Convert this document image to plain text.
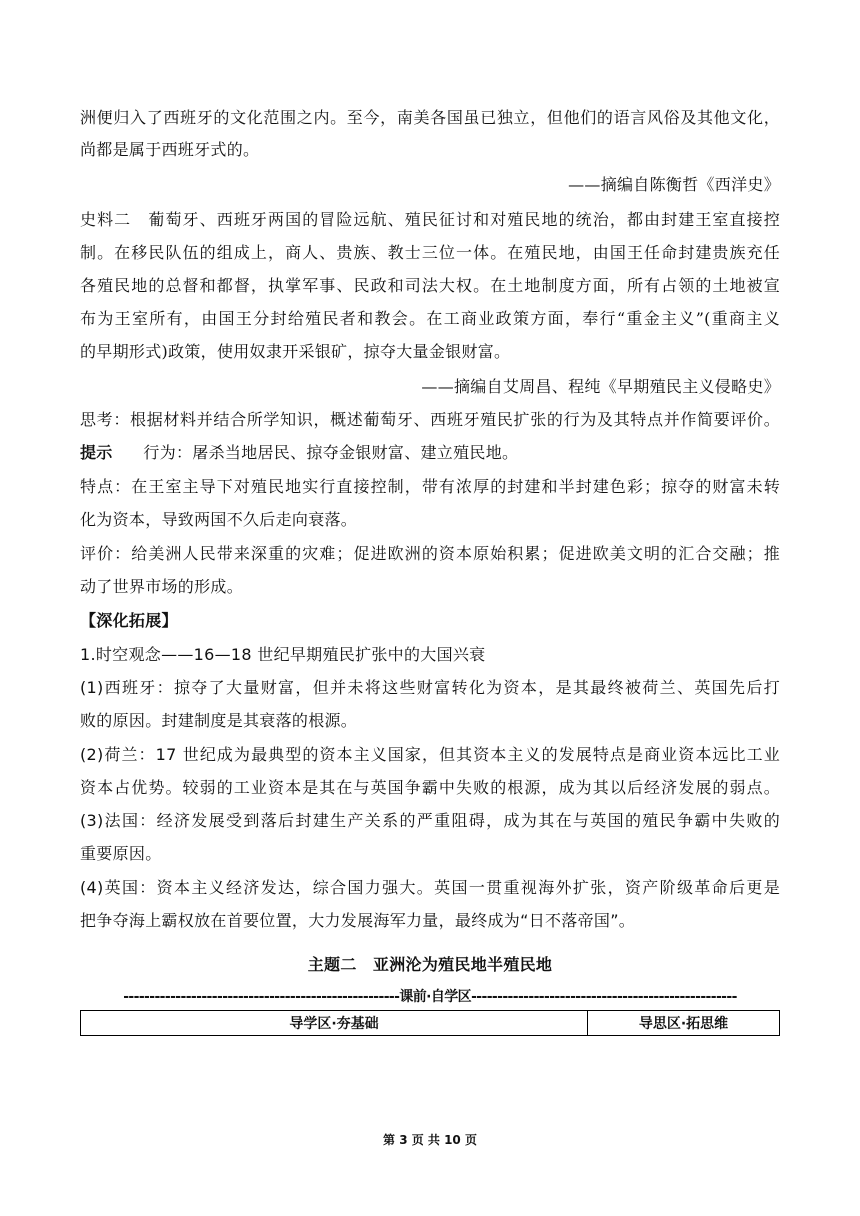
洲便归入了西班牙的文化范围之内。至今，南美各国虽已独立，但他们的语言风俗及其他文化，
尚都是属于西班牙式的。
——摘编自陈衡哲《西洋史》
史料二　葡萄牙、西班牙两国的冒险远航、殖民征讨和对殖民地的统治，都由封建王室直接控
制。在移民队伍的组成上，商人、贵族、教士三位一体。在殖民地，由国王任命封建贵族充任
各殖民地的总督和都督，执掌军事、民政和司法大权。在土地制度方面，所有占领的土地被宣
布为王室所有，由国王分封给殖民者和教会。在工商业政策方面，奉行“重金主义”(重商主义
的早期形式)政策，使用奴隶开采银矿，掠夺大量金银财富。
——摘编自艾周昌、程纯《早期殖民主义侵略史》
思考：根据材料并结合所学知识，概述葡萄牙、西班牙殖民扩张的行为及其特点并作简要评价。
提示 行为：屠杀当地居民、掠夺金银财富、建立殖民地。
特点：在王室主导下对殖民地实行直接控制，带有浓厚的封建和半封建色彩；掠夺的财富未转
化为资本，导致两国不久后走向衰落。
评价：给美洲人民带来深重的灾难；促进欧洲的资本原始积累；促进欧美文明的汇合交融；推
动了世界市场的形成。
【深化拓展】
1.时空观念——16—18 世纪早期殖民扩张中的大国兴衰
(1)西班牙：掠夺了大量财富，但并未将这些财富转化为资本，是其最终被荷兰、英国先后打
败的原因。封建制度是其衰落的根源。
(2)荷兰：17 世纪成为最典型的资本主义国家，但其资本主义的发展特点是商业资本远比工业
资本占优势。较弱的工业资本是其在与英国争霸中失败的根源，成为其以后经济发展的弱点。
(3)法国：经济发展受到落后封建生产关系的严重阻碍，成为其在与英国的殖民争霸中失败的
重要原因。
(4)英国：资本主义经济发达，综合国力强大。英国一贯重视海外扩张，资产阶级革命后更是
把争夺海上霸权放在首要位置，大力发展海军力量，最终成为“日不落帝国”。
主题二　亚洲沦为殖民地半殖民地
-----------------------------------------------------课前·自学区---------------------------------------------------
导学区·夯基础	导思区·拓思维
第 3 页 共 10 页
